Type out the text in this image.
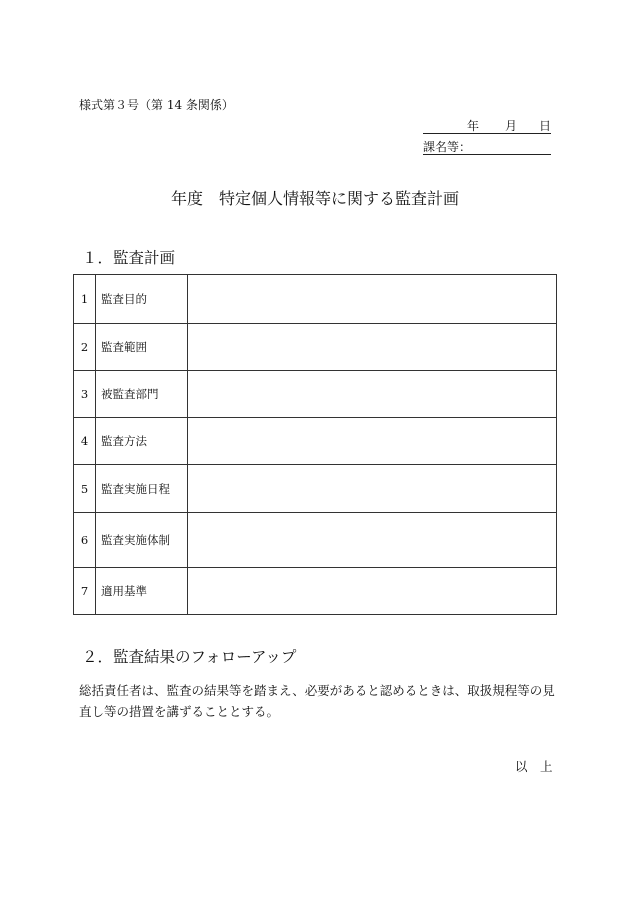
様式第３号（第 14 条関係）
年 月 日
課名等：
年度　特定個人情報等に関する監査計画
１．監査計画
1	監査目的	
2	監査範囲	
3	被監査部門	
4	監査方法	
5	監査実施日程	
6	監査実施体制	
7	適用基準	
２．監査結果のフォローアップ
総括責任者は、監査の結果等を踏まえ、必要があると認めるときは、取扱規程等の見直し等の措置を講ずることとする。
以　上
